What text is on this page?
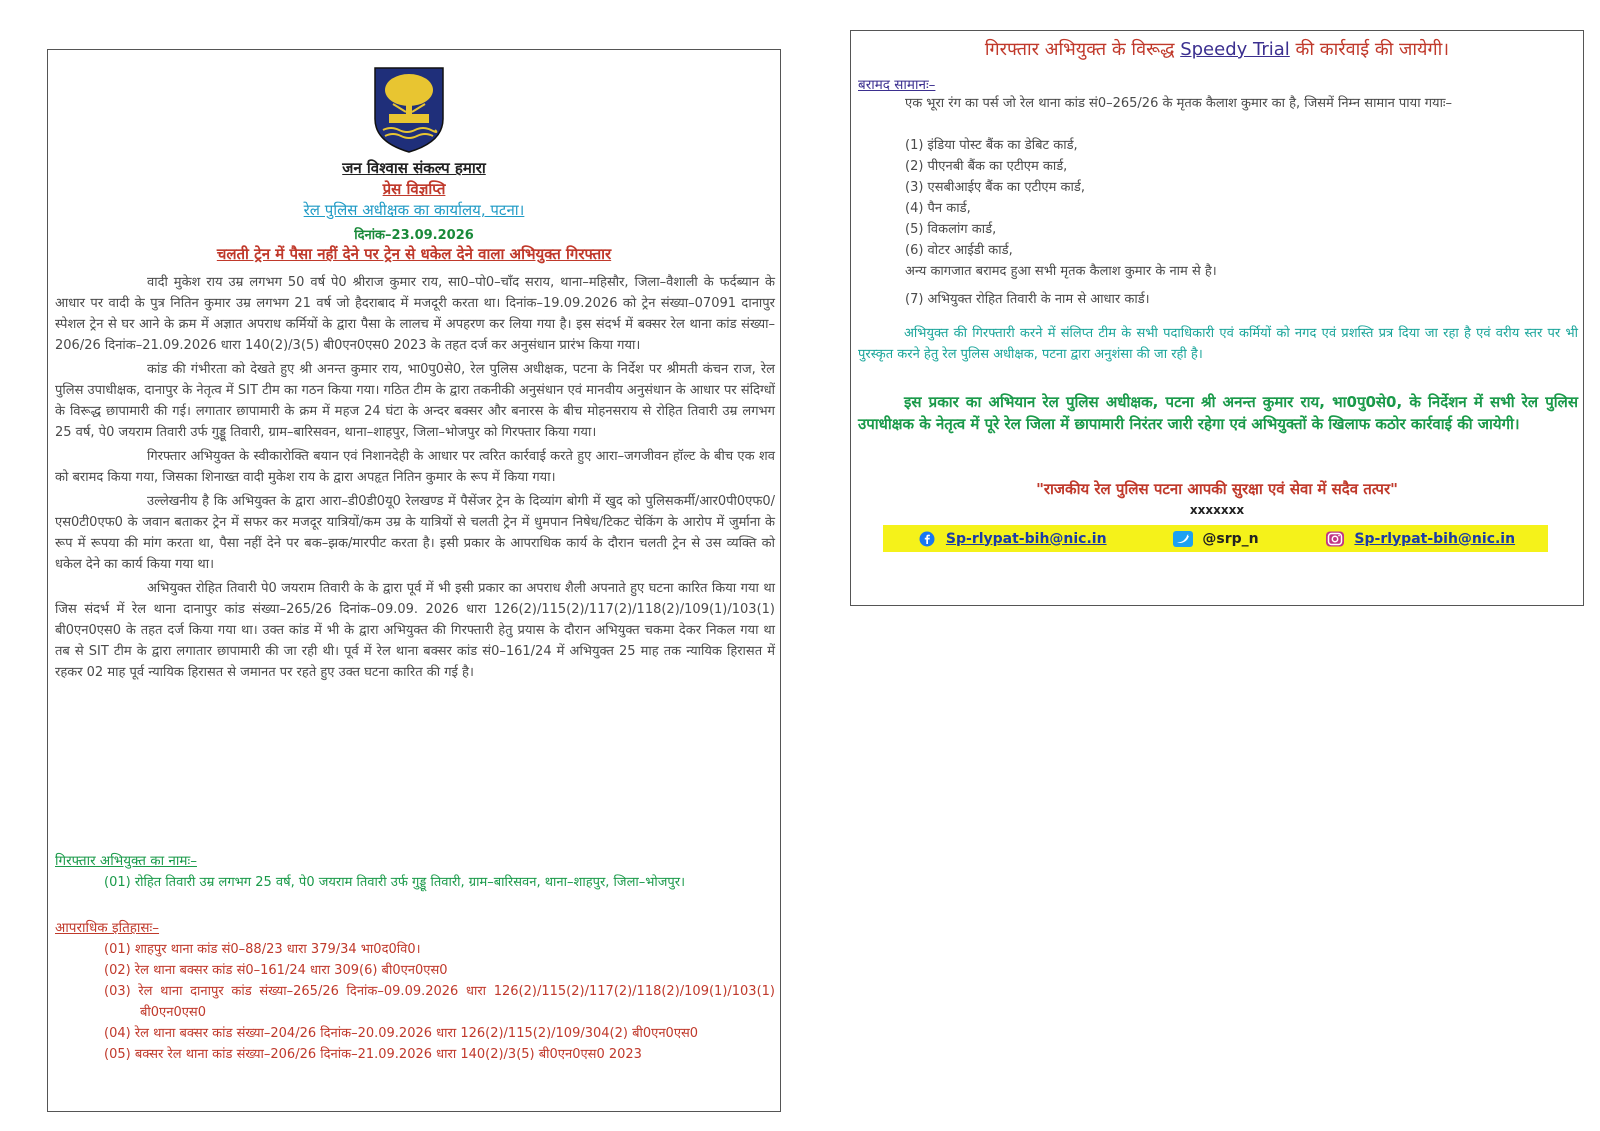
जन विश्वास संकल्प हमारा
प्रेस विज्ञप्ति
रेल पुलिस अधीक्षक का कार्यालय, पटना।
दिनांक–23.09.2026
चलती ट्रेन में पैसा नहीं देने पर ट्रेन से धकेल देने वाला अभियुक्त गिरफ्तार

वादी मुकेश राय उम्र लगभग 50 वर्ष पे0 श्रीराज कुमार राय, सा0–पो0–चाँद सराय, थाना–महिसौर, जिला–वैशाली के फर्दब्यान के आधार पर वादी के पुत्र नितिन कुमार उम्र लगभग 21 वर्ष जो हैदराबाद में मजदूरी करता था। दिनांक–19.09.2026 को ट्रेन संख्या–07091 दानापुर स्पेशल ट्रेन से घर आने के क्रम में अज्ञात अपराध कर्मियों के द्वारा पैसा के लालच में अपहरण कर लिया गया है। इस संदर्भ में बक्सर रेल थाना कांड संख्या–206/26 दिनांक–21.09.2026 धारा 140(2)/3(5) बी0एन0एस0 2023 के तहत दर्ज कर अनुसंधान प्रारंभ किया गया।

कांड की गंभीरता को देखते हुए श्री अनन्त कुमार राय, भा0पु0से0, रेल पुलिस अधीक्षक, पटना के निर्देश पर श्रीमती कंचन राज, रेल पुलिस उपाधीक्षक, दानापुर के नेतृत्व में SIT टीम का गठन किया गया। गठित टीम के द्वारा तकनीकी अनुसंधान एवं मानवीय अनुसंधान के आधार पर संदिग्धों के विरूद्ध छापामारी की गई। लगातार छापामारी के क्रम में महज 24 घंटा के अन्दर बक्सर और बनारस के बीच मोहनसराय से रोहित तिवारी उम्र लगभग 25 वर्ष, पे0 जयराम तिवारी उर्फ गुड्डू तिवारी, ग्राम–बारिसवन, थाना–शाहपुर, जिला–भोजपुर को गिरफ्तार किया गया।

गिरफ्तार अभियुक्त के स्वीकारोक्ति बयान एवं निशानदेही के आधार पर त्वरित कार्रवाई करते हुए आरा–जगजीवन हॉल्ट के बीच एक शव को बरामद किया गया, जिसका शिनाख्त वादी मुकेश राय के द्वारा अपहृत नितिन कुमार के रूप में किया गया।

उल्लेखनीय है कि अभियुक्त के द्वारा आरा–डी0डी0यू0 रेलखण्ड में पैसेंजर ट्रेन के दिव्यांग बोगी में खुद को पुलिसकर्मी/आर0पी0एफ0/एस0टी0एफ0 के जवान बताकर ट्रेन में सफर कर मजदूर यात्रियों/कम उम्र के यात्रियों से चलती ट्रेन में धुमपान निषेध/टिकट चेकिंग के आरोप में जुर्माना के रूप में रूपया की मांग करता था, पैसा नहीं देने पर बक–झक/मारपीट करता है। इसी प्रकार के आपराधिक कार्य के दौरान चलती ट्रेन से उस व्यक्ति को धकेल देने का कार्य किया गया था।

अभियुक्त रोहित तिवारी पे0 जयराम तिवारी के के द्वारा पूर्व में भी इसी प्रकार का अपराध शैली अपनाते हुए घटना कारित किया गया था जिस संदर्भ में रेल थाना दानापुर कांड संख्या–265/26 दिनांक–09.09. 2026 धारा 126(2)/115(2)/117(2)/118(2)/109(1)/103(1) बी0एन0एस0 के तहत दर्ज किया गया था। उक्त कांड में भी के द्वारा अभियुक्त की गिरफ्तारी हेतु प्रयास के दौरान अभियुक्त चकमा देकर निकल गया था तब से SIT टीम के द्वारा लगातार छापामारी की जा रही थी। पूर्व में रेल थाना बक्सर कांड सं0–161/24 में अभियुक्त 25 माह तक न्यायिक हिरासत में रहकर 02 माह पूर्व न्यायिक हिरासत से जमानत पर रहते हुए उक्त घटना कारित की गई है।

गिरफ्तार अभियुक्त का नामः–
(01) रोहित तिवारी उम्र लगभग 25 वर्ष, पे0 जयराम तिवारी उर्फ गुड्डू तिवारी, ग्राम–बारिसवन, थाना–शाहपुर, जिला–भोजपुर।
आपराधिक इतिहासः–
(01) शाहपुर थाना कांड सं0–88/23 धारा 379/34 भा0द0वि0।
(02) रेल थाना बक्सर कांड सं0–161/24 धारा 309(6) बी0एन0एस0
(03) रेल थाना दानापुर कांड संख्या–265/26 दिनांक–09.09.2026 धारा 126(2)/115(2)/117(2)/118(2)/109(1)/103(1) बी0एन0एस0
(04) रेल थाना बक्सर कांड संख्या–204/26 दिनांक–20.09.2026 धारा 126(2)/115(2)/109/304(2) बी0एन0एस0
(05) बक्सर रेल थाना कांड संख्या–206/26 दिनांक–21.09.2026 धारा 140(2)/3(5) बी0एन0एस0 2023
गिरफ्तार अभियुक्त के विरूद्ध Speedy Trial की कार्रवाई की जायेगी।
बरामद सामानः–
एक भूरा रंग का पर्स जो रेल थाना कांड सं0–265/26 के मृतक कैलाश कुमार का है, जिसमें निम्न सामान पाया गयाः–
(1) इंडिया पोस्ट बैंक का डेबिट कार्ड,
(2) पीएनबी बैंक का एटीएम कार्ड,
(3) एसबीआईए बैंक का एटीएम कार्ड,
(4) पैन कार्ड,
(5) विकलांग कार्ड,
(6) वोटर आईडी कार्ड,
अन्य कागजात बरामद हुआ सभी मृतक कैलाश कुमार के नाम से है।
(7) अभियुक्त रोहित तिवारी के नाम से आधार कार्ड।
अभियुक्त की गिरफ्तारी करने में संलिप्त टीम के सभी पदाधिकारी एवं कर्मियों को नगद एवं प्रशस्ति प्रत्र दिया जा रहा है एवं वरीय स्तर पर भी पुरस्कृत करने हेतु रेल पुलिस अधीक्षक, पटना द्वारा अनुशंसा की जा रही है।
इस प्रकार का अभियान रेल पुलिस अधीक्षक, पटना श्री अनन्त कुमार राय, भा0पु0से0, के निर्देशन में सभी रेल पुलिस उपाधीक्षक के नेतृत्व में पूरे रेल जिला में छापामारी निरंतर जारी रहेगा एवं अभियुक्तों के खिलाफ कठोर कार्रवाई की जायेगी।
"राजकीय रेल पुलिस पटना आपकी सुरक्षा एवं सेवा में सदैव तत्पर"
xxxxxxx
Sp-rlypat-bih@nic.in	@srp_n	Sp-rlypat-bih@nic.in
